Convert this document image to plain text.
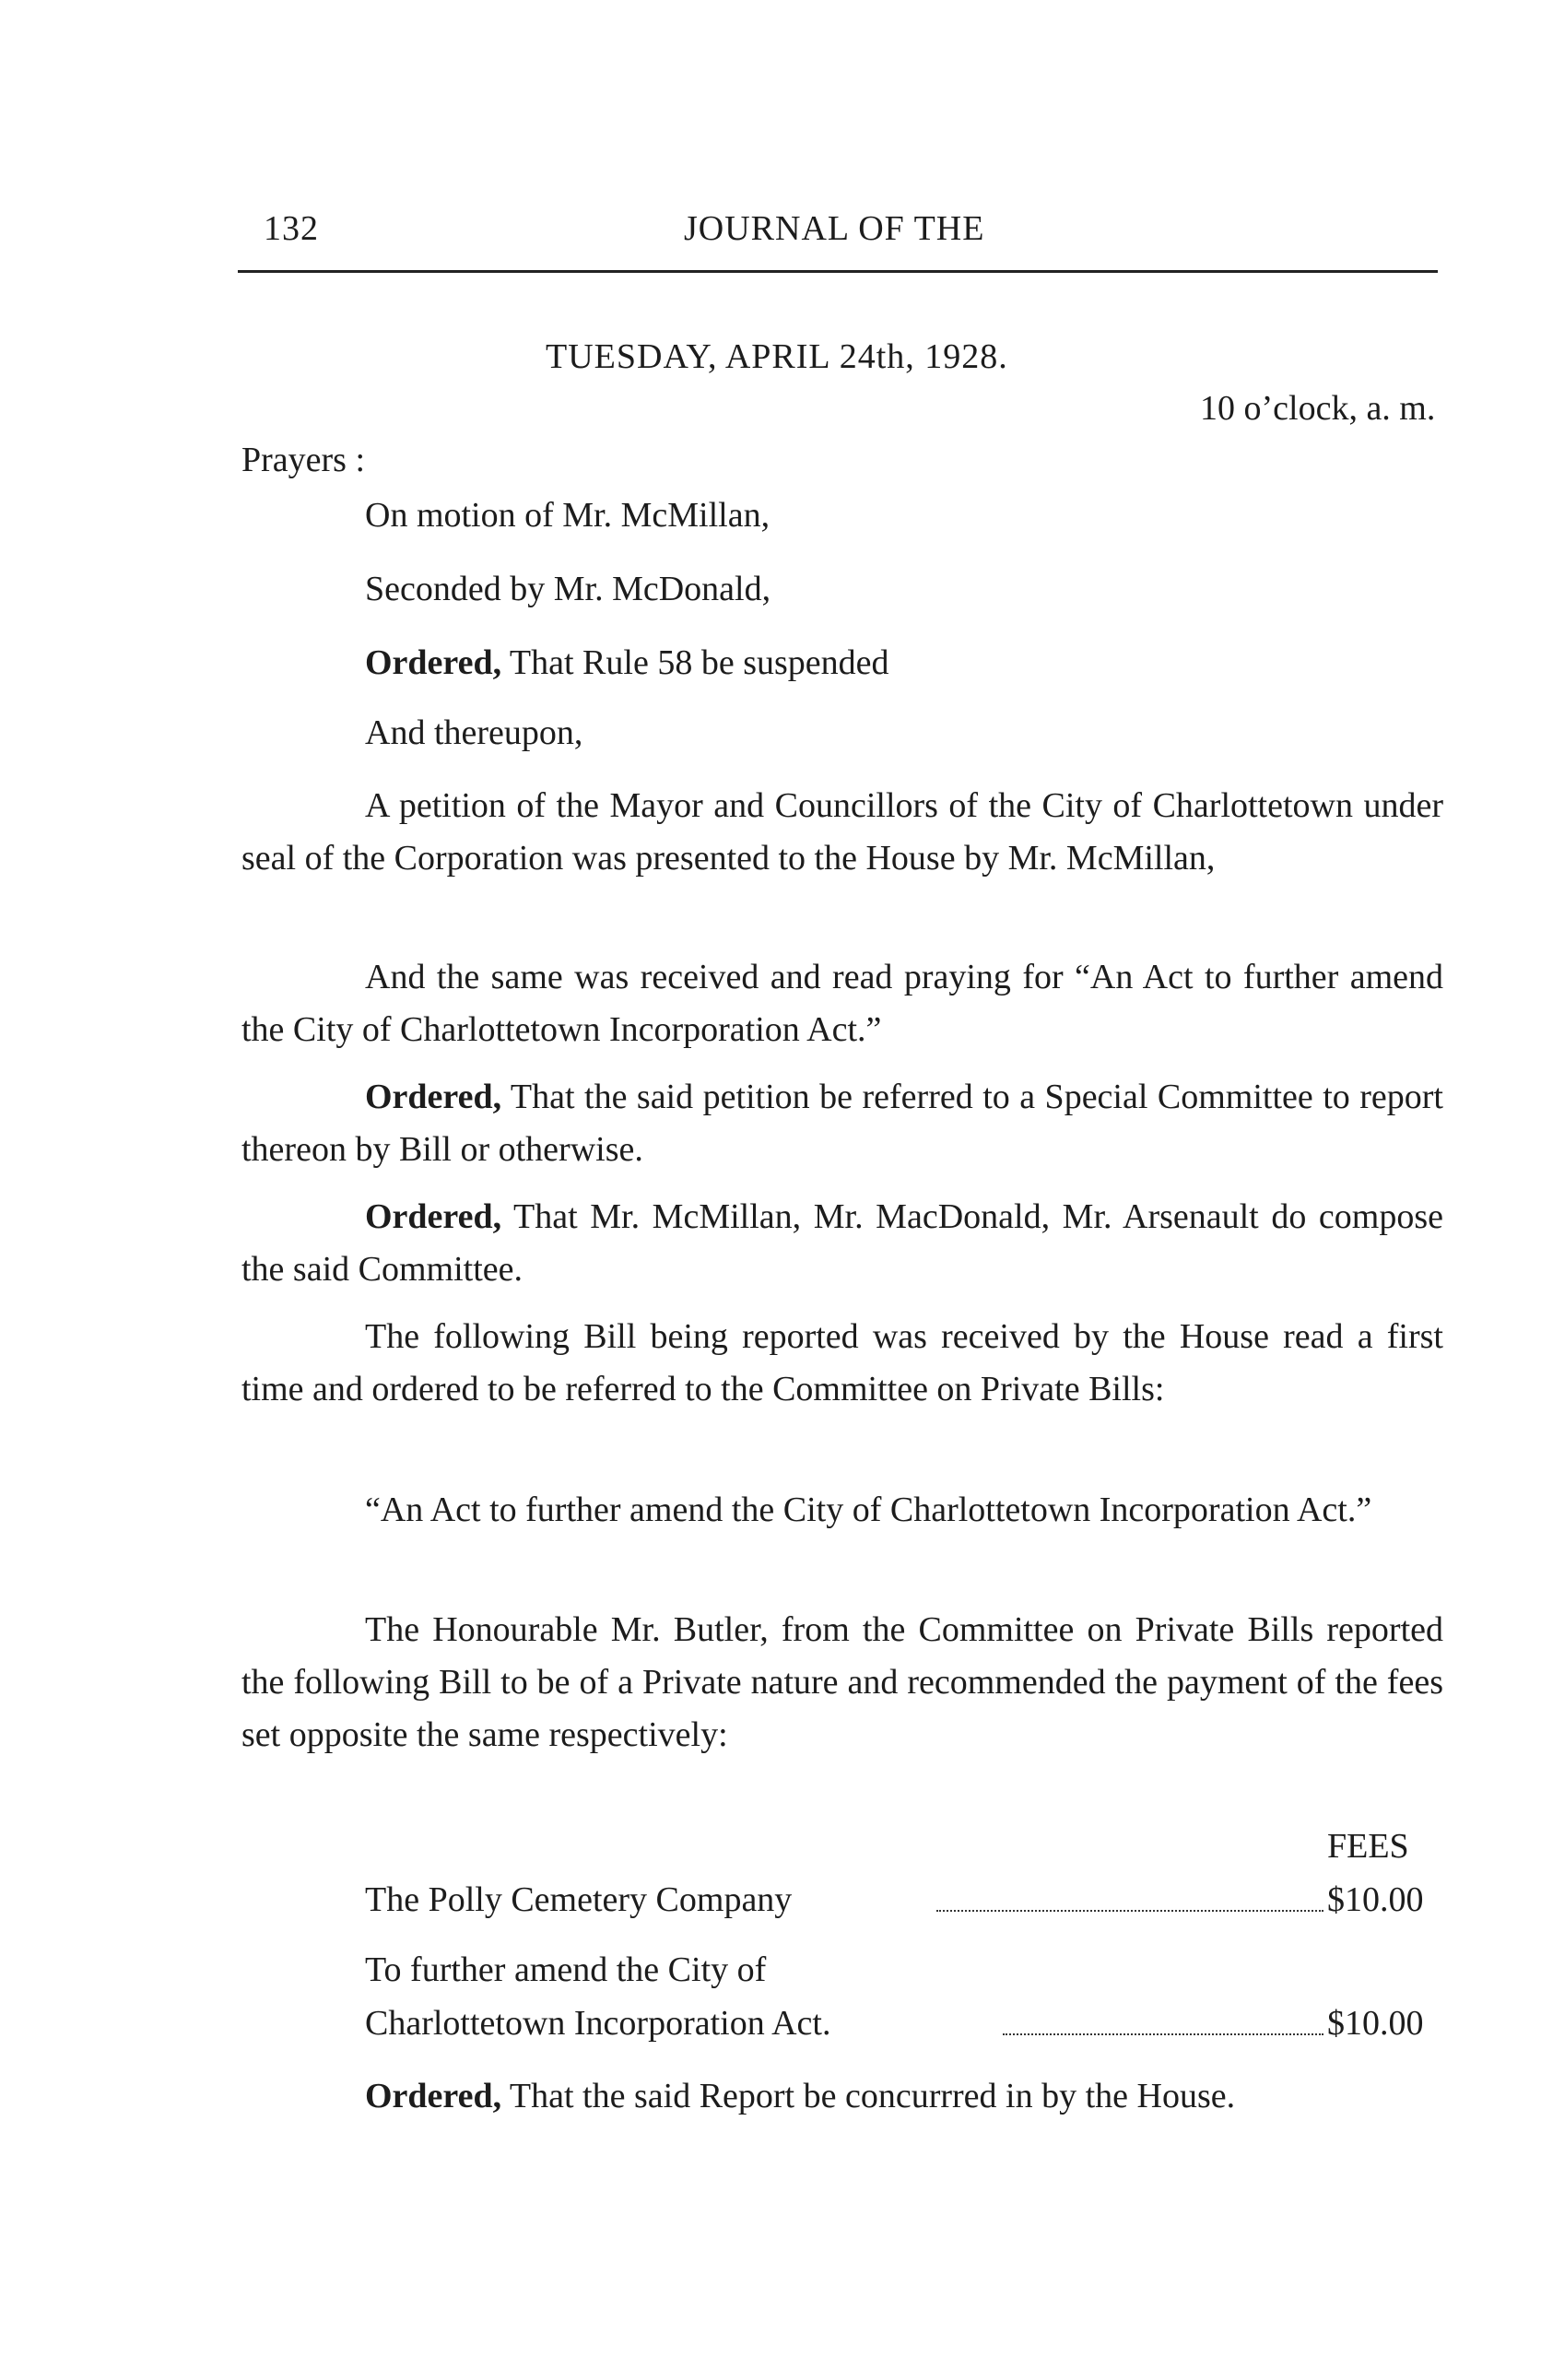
132	JOURNAL OF THE
TUESDAY, APRIL 24th, 1928.
10 o’clock, a. m.
Prayers :
On motion of Mr. McMillan,
Seconded by Mr. McDonald,
Ordered, That Rule 58 be suspended
And thereupon,
A petition of the Mayor and Councillors of the City of Charlottetown under seal of the Corporation was presented to the House by Mr. McMillan,
And the same was received and read praying for “An Act to further amend the City of Charlottetown Incorporation Act.”
Ordered, That the said petition be referred to a Special Committee to report thereon by Bill or otherwise.
Ordered, That Mr. McMillan, Mr. MacDonald, Mr. Arsenault do compose the said Committee.
The following Bill being reported was received by the House read a first time and ordered to be referred to the Committee on Private Bills:
“An Act to further amend the City of Charlottetown Incorporation Act.”
The Honourable Mr. Butler, from the Committee on Private Bills reported the following Bill to be of a Private nature and recommended the payment of the fees set opposite the same respectively:
FEES
The Polly Cemetery Company	$10.00
To further amend the City of
Charlottetown Incorporation Act.	$10.00
Ordered, That the said Report be concurrred in by the House.
